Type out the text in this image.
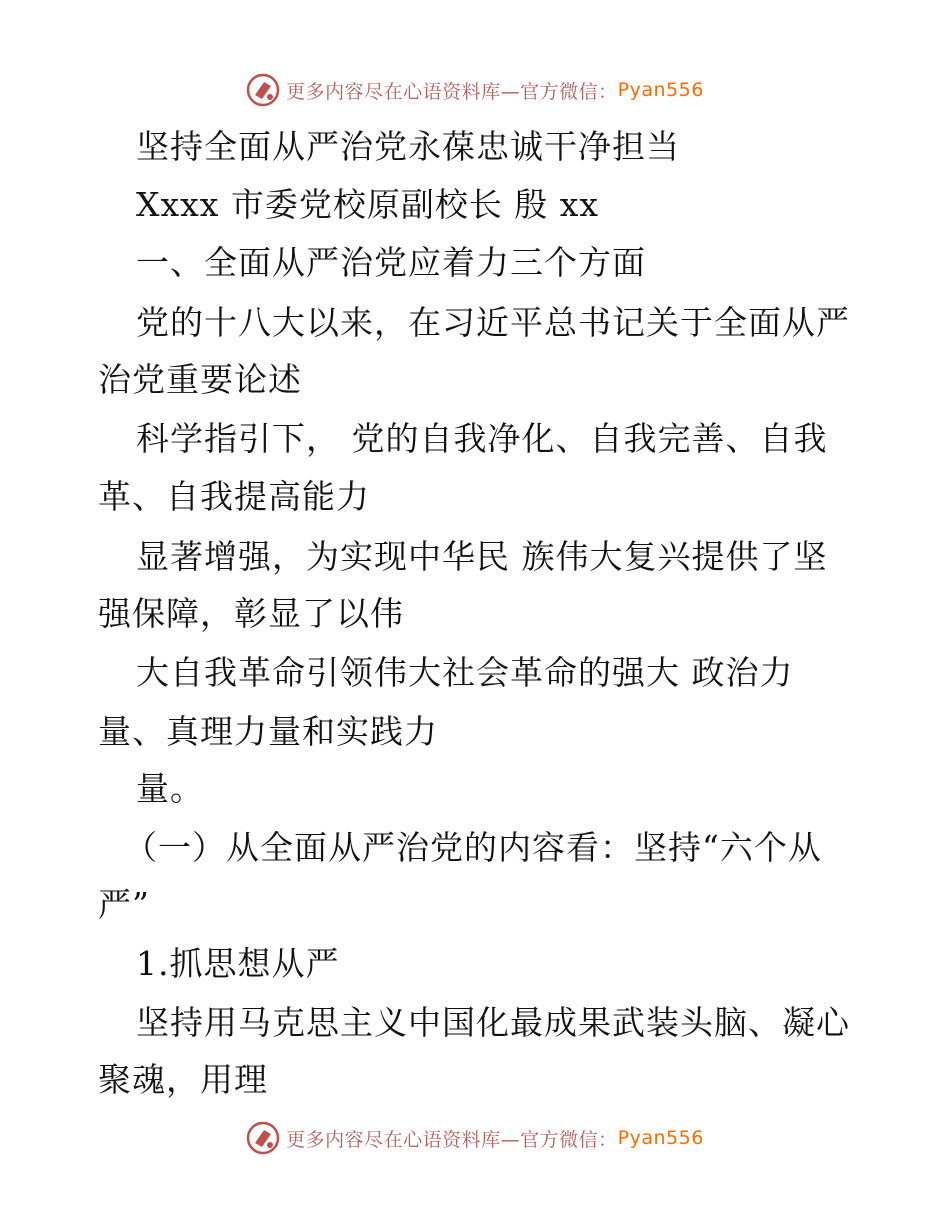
更多内容尽在心语资料库—官方微信： Pyan556
坚持全面从严治党永葆忠诚干净担当
Xxxx 市委党校原副校长 殷 xx
一、全面从严治党应着力三个方面
党的十八大以来，在习近平总书记关于全面从严
治党重要论述
科学指引下， 党的自我净化、自我完善、自我
革、自我提高能力
显著增强，为实现中华民 族伟大复兴提供了坚
强保障，彰显了以伟
大自我革命引领伟大社会革命的强大 政治力
量、真理力量和实践力
量。
（一）从全面从严治党的内容看：坚持“六个从
严”
1.抓思想从严
坚持用马克思主义中国化最成果武装头脑、凝心
聚魂，用理
更多内容尽在心语资料库—官方微信： Pyan556
